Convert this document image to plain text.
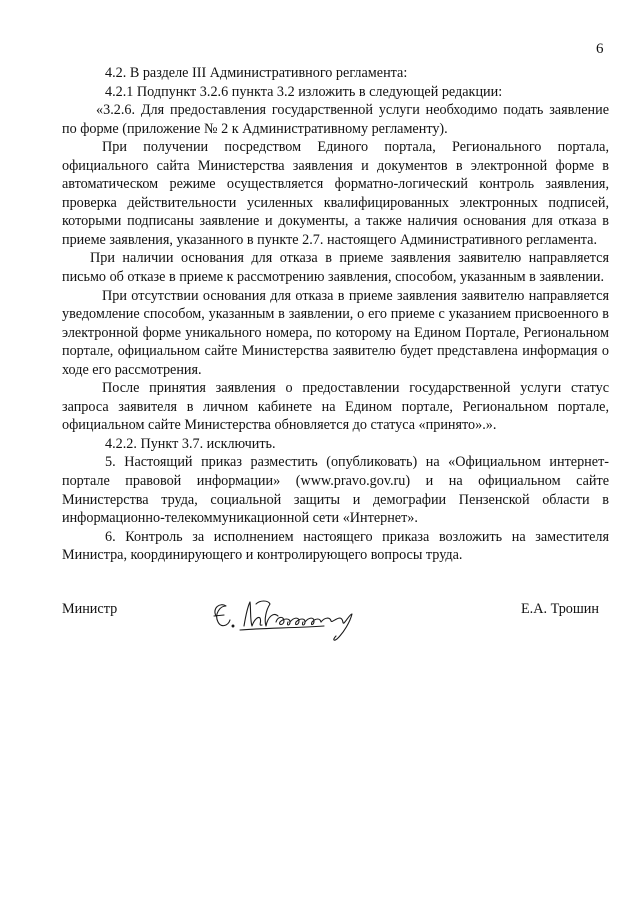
6

4.2. В разделе III Административного регламента:

4.2.1 Подпункт 3.2.6 пункта 3.2 изложить в следующей редакции:

«3.2.6. Для предоставления государственной услуги необходимо подать заявление по форме (приложение № 2 к Административному регламенту).

При получении посредством Единого портала, Регионального портала, официального сайта Министерства заявления и документов в электронной форме в автоматическом режиме осуществляется форматно-логический контроль заявления, проверка действительности усиленных квалифицированных электронных подписей, которыми подписаны заявление и документы, а также наличия основания для отказа в приеме заявления, указанного в пункте 2.7. настоящего Административного регламента.

При наличии основания для отказа в приеме заявления заявителю направляется письмо об отказе в приеме к рассмотрению заявления, способом, указанным в заявлении.

При отсутствии основания для отказа в приеме заявления заявителю направляется уведомление способом, указанным в заявлении, о его приеме с указанием присвоенного в электронной форме уникального номера, по которому на Едином Портале, Региональном портале, официальном сайте Министерства заявителю будет представлена информация о ходе его рассмотрения.

После принятия заявления о предоставлении государственной услуги статус запроса заявителя в личном кабинете на Едином портале, Региональном портале, официальном сайте Министерства обновляется до статуса «принято».».

4.2.2. Пункт 3.7. исключить.

5. Настоящий приказ разместить (опубликовать) на «Официальном интернет-портале правовой информации» (www.pravo.gov.ru) и на официальном сайте Министерства труда, социальной защиты и демографии Пензенской области в информационно-телекоммуникационной сети «Интернет».

6. Контроль за исполнением настоящего приказа возложить на заместителя Министра, координирующего и контролирующего вопросы труда.

Министр	Е.А. Трошин
